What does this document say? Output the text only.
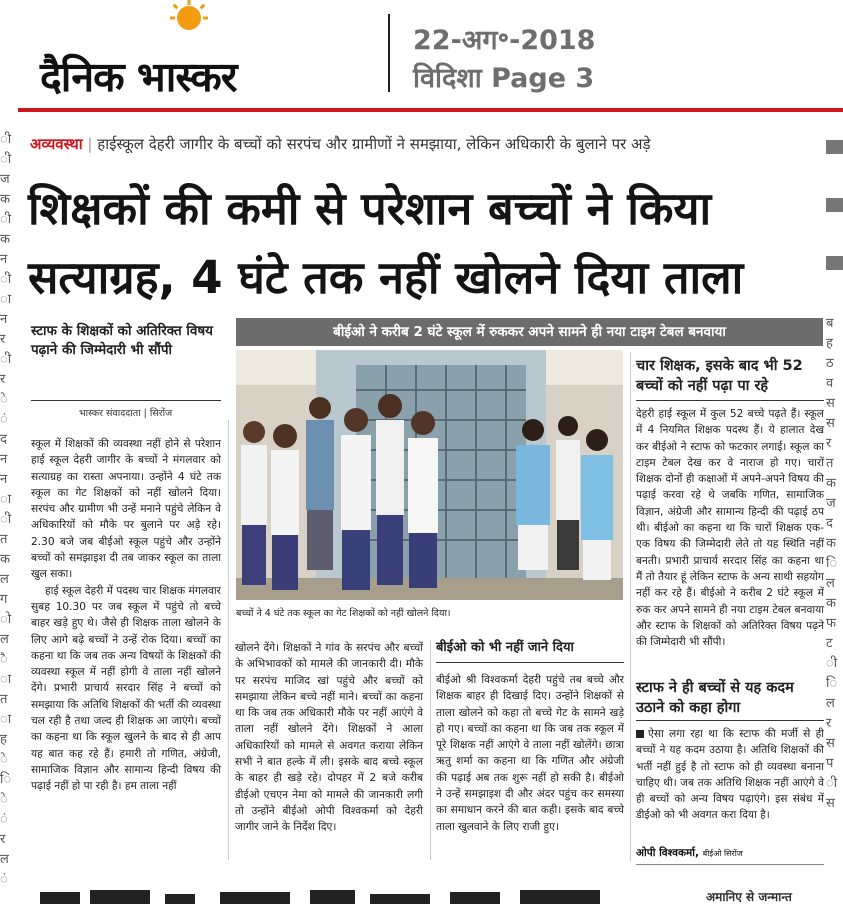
दैनिक भास्कर
22-अग॰-2018
विदिशा Page 3
ी
ी
ज
क
ी
क
न
ी
ा
न
र
ी
र
े
ं
द
न
न
ा
ी
त
क
ल
ग
ो
ल
ै
ा
त
ा
ह
े
ि
े
ं
र
ल
ं
ब
ह
ठ
व
स
स
र
त
क
ज
द
क
ि
ल
क
फ
ट
ी
ि
ल
र
स
प
ी
स
अव्यवस्था | हाईस्कूल देहरी जागीर के बच्चों को सरपंच और ग्रामीणों ने समझाया, लेकिन अधिकारी के बुलाने पर अड़े
शिक्षकों की कमी से परेशान बच्चों ने किया
सत्याग्रह, 4 घंटे तक नहीं खोलने दिया ताला
स्टाफ के शिक्षकों को अतिरिक्त विषय पढ़ाने की जिम्मेदारी भी सौंपी
भास्कर संवाददाता | सिरोंज
बीईओ ने करीब 2 घंटे स्कूल में रुककर अपने सामने ही नया टाइम टेबल बनवाया
बच्चों ने 4 घंटे तक स्कूल का गेट शिक्षकों को नहीं खोलने दिया।

स्कूल में शिक्षकों की व्यवस्था नहीं होने से परेशान हाई स्कूल देहरी जागीर के बच्चों ने मंगलवार को सत्याग्रह का रास्ता अपनाया। उन्होंने 4 घंटे तक स्कूल का गेट शिक्षकों को नहीं खोलने दिया। सरपंच और ग्रामीण भी उन्हें मनाने पहुंचे लेकिन वे अधिकारियों को मौके पर बुलाने पर अड़े रहे। 2.30 बजे जब बीईओ स्कूल पहुंचे और उन्होंने बच्चों को समझाइश दी तब जाकर स्कूल का ताला खुल सका।

हाई स्कूल देहरी में पदस्थ चार शिक्षक मंगलवार सुबह 10.30 पर जब स्कूल में पहुंचे तो बच्चे बाहर खड़े हुए थे। जैसे ही शिक्षक ताला खोलने के लिए आगे बढ़े बच्चों ने उन्हें रोक दिया। बच्चों का कहना था कि जब तक अन्य विषयों के शिक्षकों की व्यवस्था स्कूल में नहीं होगी वे ताला नहीं खोलने देंगे। प्रभारी प्राचार्य सरदार सिंह ने बच्चों को समझाया कि अतिथि शिक्षकों की भर्ती की व्यवस्था चल रही है तथा जल्द ही शिक्षक आ जाएंगे। बच्चों का कहना था कि स्कूल खुलने के बाद से ही आप यह बात कह रहे हैं। हमारी तो गणित, अंग्रेजी, सामाजिक विज्ञान और सामान्य हिन्दी विषय की पढ़ाई नहीं हो पा रही है। हम ताला नहीं

खोलने देंगे। शिक्षकों ने गांव के सरपंच और बच्चों के अभिभावकों को मामले की जानकारी दी। मौके पर सरपंच माजिद खां पहुंचे और बच्चों को समझाया लेकिन बच्चे नहीं माने। बच्चों का कहना था कि जब तक अधिकारी मौके पर नहीं आएंगे वे ताला नहीं खोलने देंगे। शिक्षकों ने आला अधिकारियों को मामले से अवगत कराया लेकिन सभी ने बात हल्के में ली। इसके बाद बच्चे स्कूल के बाहर ही खड़े रहे। दोपहर में 2 बजे करीब डीईओ एचएन नेमा को मामले की जानकारी लगी तो उन्होंने बीईओ ओपी विश्वकर्मा को देहरी जागीर जाने के निर्देश दिए।
बीईओ को भी नहीं जाने दिया
बीईओ श्री विश्वकर्मा देहरी पहुंचे तब बच्चे और शिक्षक बाहर ही दिखाई दिए। उन्होंने शिक्षकों से ताला खोलने को कहा तो बच्चे गेट के सामने खड़े हो गए। बच्चों का कहना था कि जब तक स्कूल में पूरे शिक्षक नहीं आएंगे वे ताला नहीं खोलेंगे। छात्रा ऋतु शर्मा का कहना था कि गणित और अंग्रेजी की पढ़ाई अब तक शुरू नहीं हो सकी है। बीईओ ने उन्हें समझाइश दी और अंदर पहुंच कर समस्या का समाधान करने की बात कही। इसके बाद बच्चे ताला खुलवाने के लिए राजी हुए।
चार शिक्षक, इसके बाद भी 52 बच्चों को नहीं पढ़ा पा रहे
देहरी हाई स्कूल में कुल 52 बच्चे पढ़ते हैं। स्कूल में 4 नियमित शिक्षक पदस्थ हैं। ये हालात देख कर बीईओ ने स्टाफ को फटकार लगाई। स्कूल का टाइम टेबल देख कर वे नाराज हो गए। चारों शिक्षक दोनों ही कक्षाओं में अपने-अपने विषय की पढ़ाई करवा रहे थे जबकि गणित, सामाजिक विज्ञान, अंग्रेजी और सामान्य हिन्दी की पढ़ाई ठप थी। बीईओ का कहना था कि चारों शिक्षक एक-एक विषय की जिम्मेदारी लेते तो यह स्थिति नहीं बनती। प्रभारी प्राचार्य सरदार सिंह का कहना था मैं तो तैयार हूं लेकिन स्टाफ के अन्य साथी सहयोग नहीं कर रहे हैं। बीईओ ने करीब 2 घंटे स्कूल में रुक कर अपने सामने ही नया टाइम टेबल बनवाया और स्टाफ के शिक्षकों को अतिरिक्त विषय पढ़ने की जिम्मेदारी भी सौंपी।
स्टाफ ने ही बच्चों से यह कदम उठाने को कहा होगा
ऐसा लगा रहा था कि स्टाफ की मर्जी से ही बच्चों ने यह कदम उठाया है। अतिथि शिक्षकों की भर्ती नहीं हुई है तो स्टाफ को ही व्यवस्था बनाना चाहिए थी। जब तक अतिथि शिक्षक नहीं आएंगे वे ही बच्चों को अन्य विषय पढ़ाएंगे। इस संबंध में डीईओ को भी अवगत करा दिया है।
ओपी विश्वकर्मा, बीईओ सिरोंज
अमानिए से जन्मान्त
